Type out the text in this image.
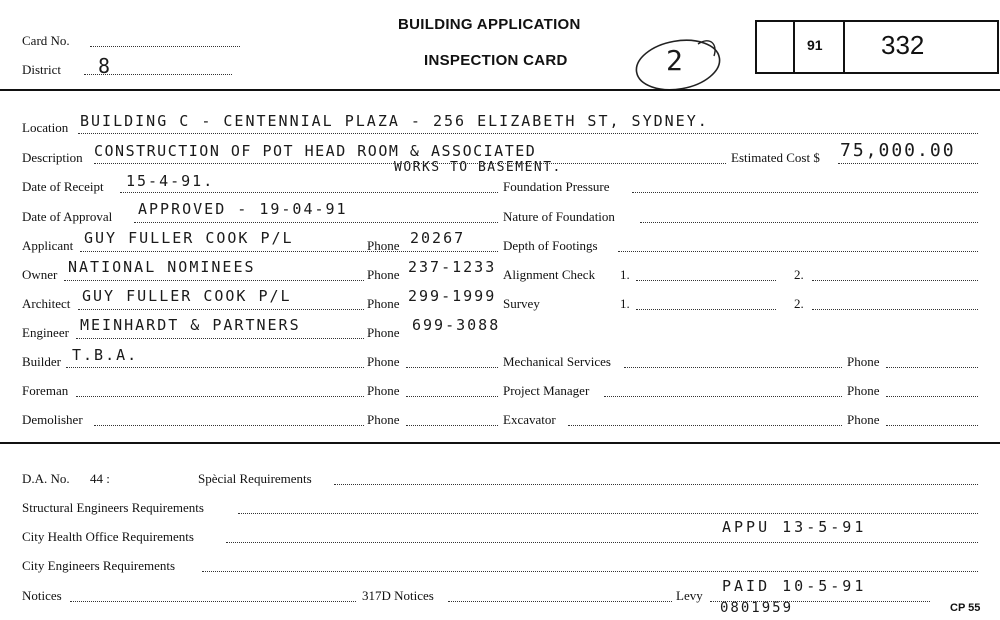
Card No.
District 8
BUILDING APPLICATION
INSPECTION CARD	2	91 332
Location BUILDING C - CENTENNIAL PLAZA - 256 ELIZABETH ST, SYDNEY.
Description CONSTRUCTION OF POT HEAD ROOM & ASSOCIATED
WORKS TO BASEMENT.
Estimated Cost $ 75,000.00
Date of Receipt 15-4-91.	Foundation Pressure
Date of Approval APPROVED - 19-04-91	Nature of Foundation
Applicant GUY FULLER COOK P/L	Phone 20267	Depth of Footings
Owner NATIONAL NOMINEES	Phone 237-1233 Alignment Check 1.	2.
Architect GUY FULLER COOK P/L	Phone 299-1999 Survey	1.	2.
Engineer MEINHARDT & PARTNERS	Phone 699-3088
Builder T.B.A.	Phone	Mechanical Services	Phone
Foreman	Phone	Project Manager	Phone
Demolisher	Phone	Excavator	Phone
D.A. No. 44 :	Spècial Requirements
Structural Engineers Requirements
City Health Office Requirements
APPU 13-5-91
City Engineers Requirements
Notices	317D Notices	Levy
PAID 10-5-91
0801959	CP 55
